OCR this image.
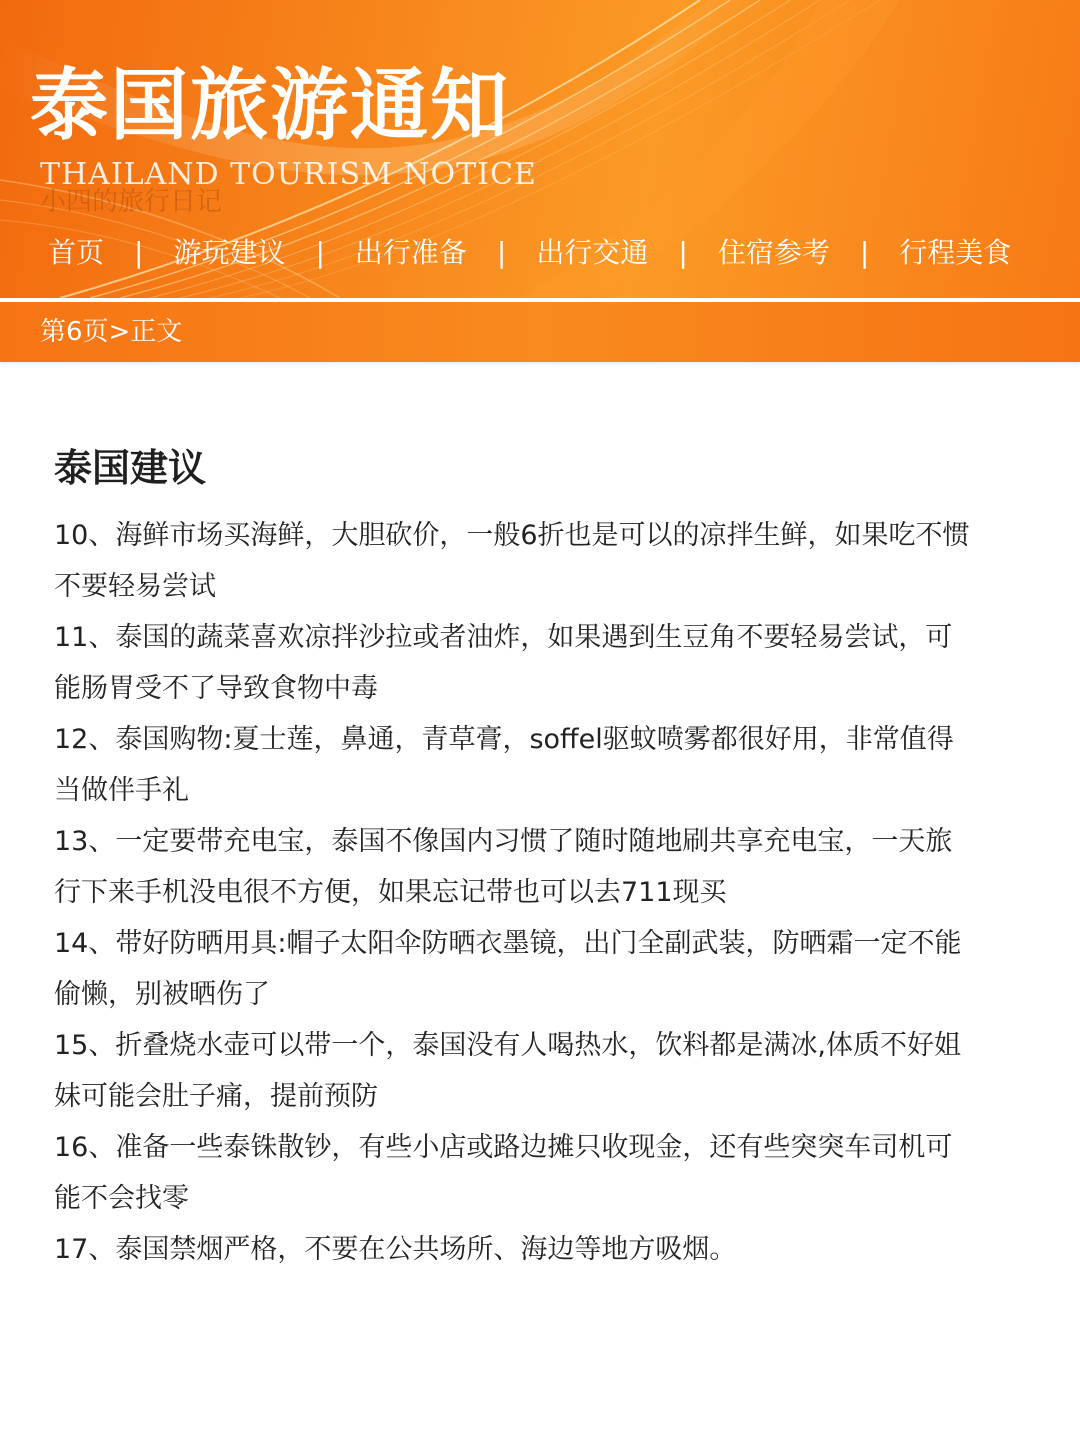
泰国旅游通知
THAILAND TOURISM NOTICE
小四的旅行日记
首页 | 游玩建议 | 出行准备 | 出行交通 | 住宿参考 | 行程美食
第6页>正文
泰国建议

10、海鲜市场买海鲜，大胆砍价，一般6折也是可以的凉拌生鲜，如果吃不惯不要轻易尝试

11、泰国的蔬菜喜欢凉拌沙拉或者油炸，如果遇到生豆角不要轻易尝试，可能肠胃受不了导致食物中毒

12、泰国购物:夏士莲，鼻通，青草膏，soffel驱蚊喷雾都很好用，非常值得当做伴手礼

13、一定要带充电宝，泰国不像国内习惯了随时随地刷共享充电宝，一天旅行下来手机没电很不方便，如果忘记带也可以去711现买

14、带好防晒用具:帽子太阳伞防晒衣墨镜，出门全副武装，防晒霜一定不能偷懒，别被晒伤了

15、折叠烧水壶可以带一个，泰国没有人喝热水，饮料都是满冰,体质不好姐妹可能会肚子痛，提前预防

16、准备一些泰铢散钞，有些小店或路边摊只收现金，还有些突突车司机可能不会找零

17、泰国禁烟严格，不要在公共场所、海边等地方吸烟。
